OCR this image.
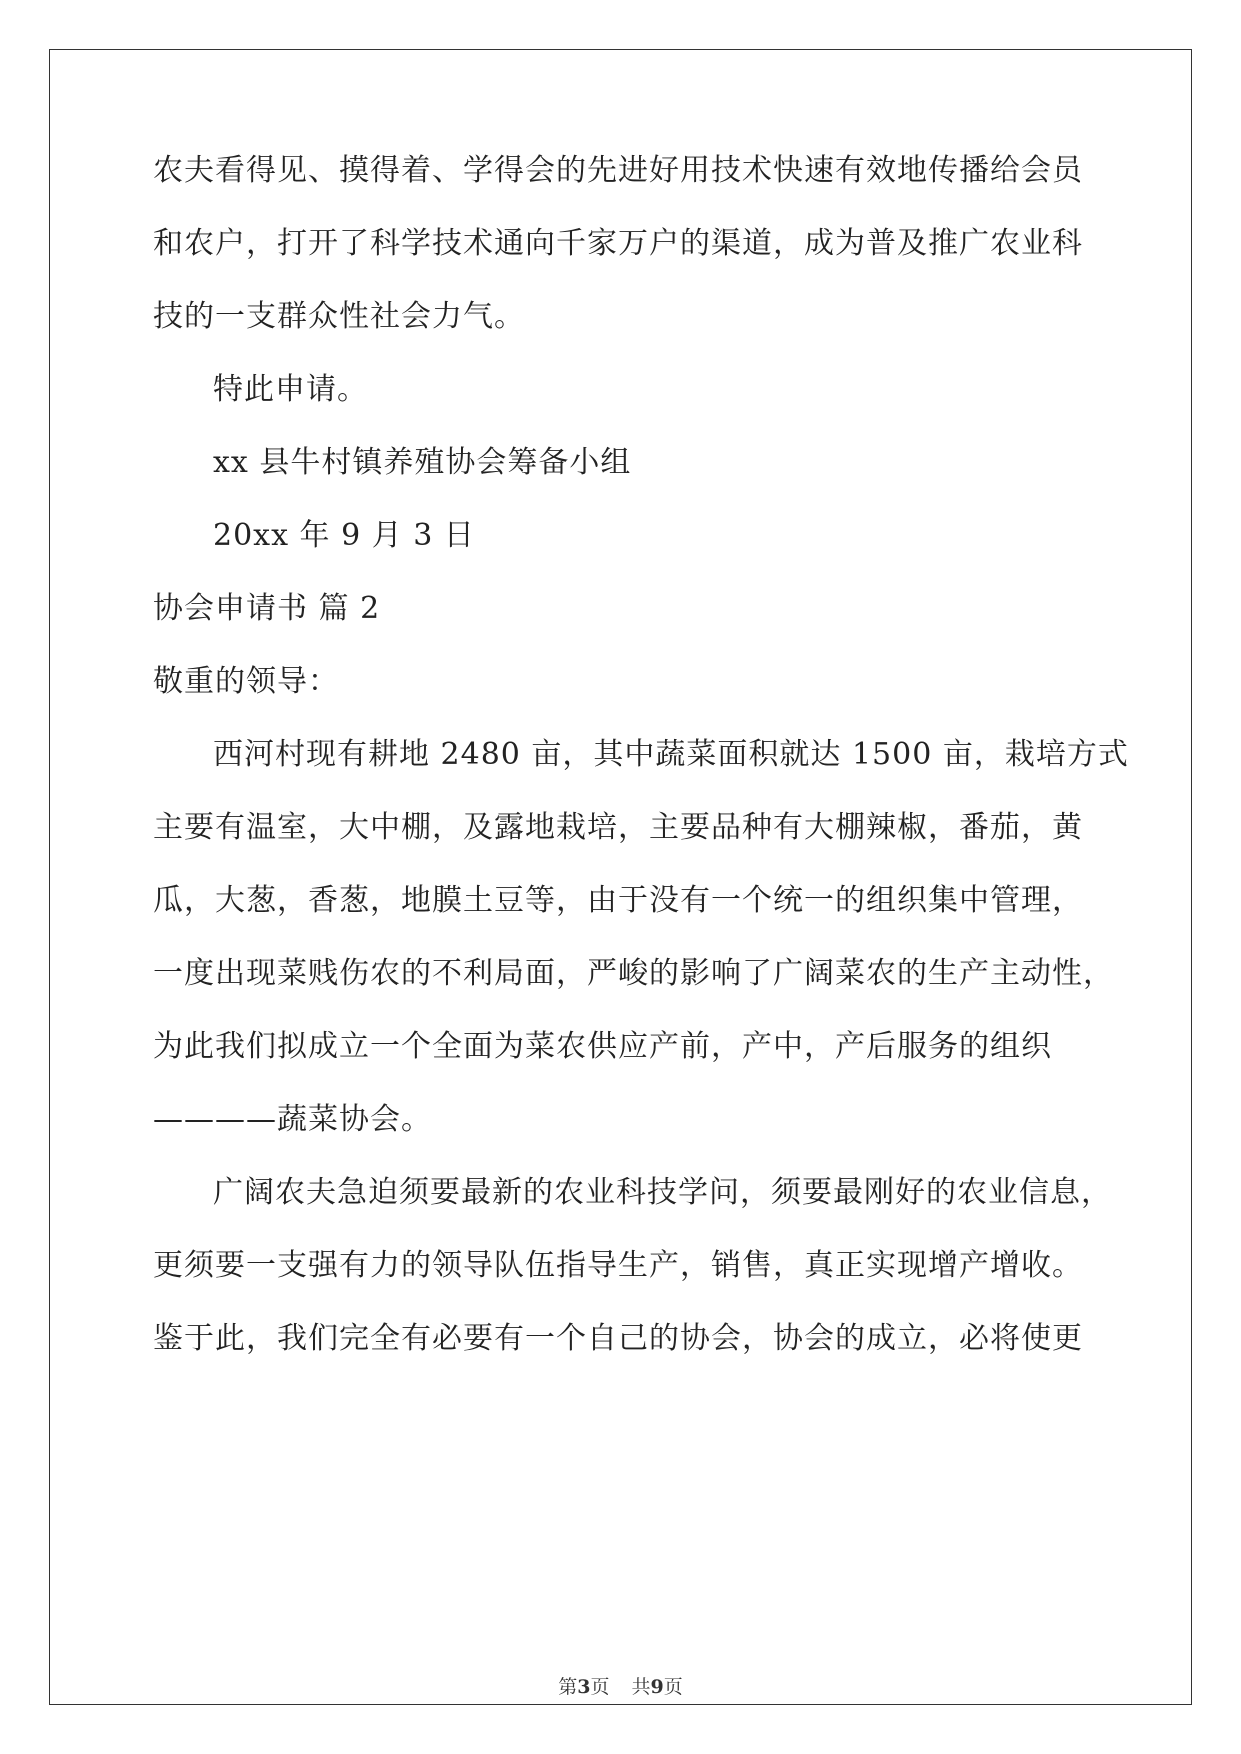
农夫看得见、摸得着、学得会的先进好用技术快速有效地传播给会员
和农户，打开了科学技术通向千家万户的渠道，成为普及推广农业科
技的一支群众性社会力气。
特此申请。
xx 县牛村镇养殖协会筹备小组
20xx 年 9 月 3 日
协会申请书 篇 2
敬重的领导：
西河村现有耕地 2480 亩，其中蔬菜面积就达 1500 亩，栽培方式
主要有温室，大中棚，及露地栽培，主要品种有大棚辣椒，番茄，黄
瓜，大葱，香葱，地膜土豆等，由于没有一个统一的组织集中管理，
一度出现菜贱伤农的不利局面，严峻的影响了广阔菜农的生产主动性，
为此我们拟成立一个全面为菜农供应产前，产中，产后服务的组织
————蔬菜协会。
广阔农夫急迫须要最新的农业科技学问，须要最刚好的农业信息，
更须要一支强有力的领导队伍指导生产，销售，真正实现增产增收。
鉴于此，我们完全有必要有一个自己的协会，协会的成立，必将使更
第3页 共9页
